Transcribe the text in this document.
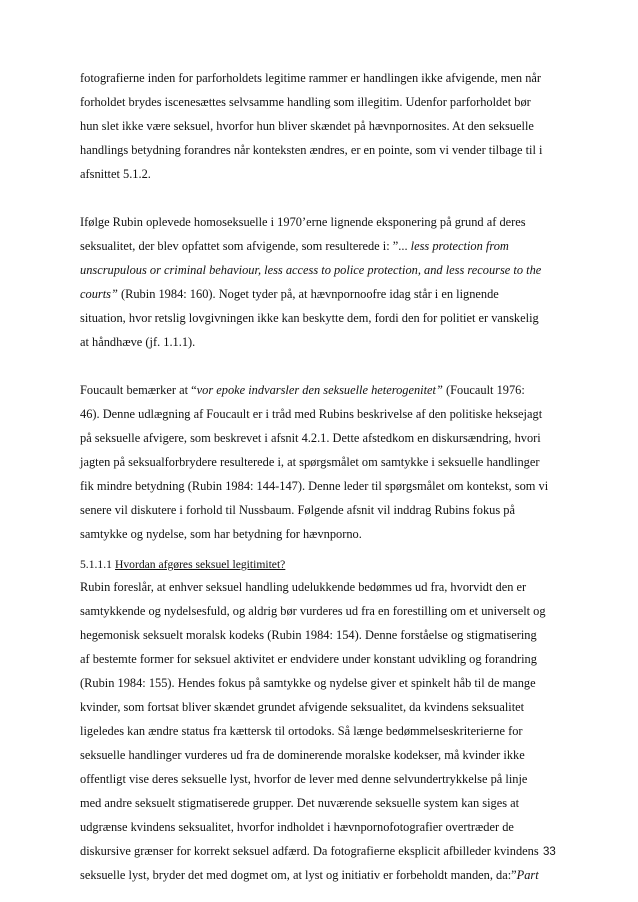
fotografierne inden for parforholdets legitime rammer er handlingen ikke afvigende, men når
forholdet brydes iscenesættes selvsamme handling som illegitim. Udenfor parforholdet bør
hun slet ikke være seksuel, hvorfor hun bliver skændet på hævnpornosites. At den seksuelle
handlings betydning forandres når konteksten ændres, er en pointe, som vi vender tilbage til i
afsnittet 5.1.2.

Ifølge Rubin oplevede homoseksuelle i 1970’erne lignende eksponering på grund af deres
seksualitet, der blev opfattet som afvigende, som resulterede i: ”... less protection from
unscrupulous or criminal behaviour, less access to police protection, and less recourse to the
courts” (Rubin 1984: 160). Noget tyder på, at hævnpornoofre idag står i en lignende
situation, hvor retslig lovgivningen ikke kan beskytte dem, fordi den for politiet er vanskelig
at håndhæve (jf. 1.1.1).

Foucault bemærker at “vor epoke indvarsler den seksuelle heterogenitet” (Foucault 1976:
46). Denne udlægning af Foucault er i tråd med Rubins beskrivelse af den politiske heksejagt
på seksuelle afvigere, som beskrevet i afsnit 4.2.1. Dette afstedkom en diskursændring, hvori
jagten på seksualforbrydere resulterede i, at spørgsmålet om samtykke i seksuelle handlinger
fik mindre betydning (Rubin 1984: 144-147). Denne leder til spørgsmålet om kontekst, som vi
senere vil diskutere i forhold til Nussbaum. Følgende afsnit vil inddrag Rubins fokus på
samtykke og nydelse, som har betydning for hævnporno.

5.1.1.1 Hvordan afgøres seksuel legitimitet?

Rubin foreslår, at enhver seksuel handling udelukkende bedømmes ud fra, hvorvidt den er
samtykkende og nydelsesfuld, og aldrig bør vurderes ud fra en forestilling om et universelt og
hegemonisk seksuelt moralsk kodeks (Rubin 1984: 154). Denne forståelse og stigmatisering
af bestemte former for seksuel aktivitet er endvidere under konstant udvikling og forandring
(Rubin 1984: 155). Hendes fokus på samtykke og nydelse giver et spinkelt håb til de mange
kvinder, som fortsat bliver skændet grundet afvigende seksualitet, da kvindens seksualitet
ligeledes kan ændre status fra kættersk til ortodoks. Så længe bedømmelseskriterierne for
seksuelle handlinger vurderes ud fra de dominerende moralske kodekser, må kvinder ikke
offentligt vise deres seksuelle lyst, hvorfor de lever med denne selvundertrykkelse på linje
med andre seksuelt stigmatiserede grupper. Det nuværende seksuelle system kan siges at
udgrænse kvindens seksualitet, hvorfor indholdet i hævnpornofotografier overtræder de
diskursive grænser for korrekt seksuel adfærd. Da fotografierne eksplicit afbilleder kvindens
seksuelle lyst, bryder det med dogmet om, at lyst og initiativ er forbeholdt manden, da:”Part

33
